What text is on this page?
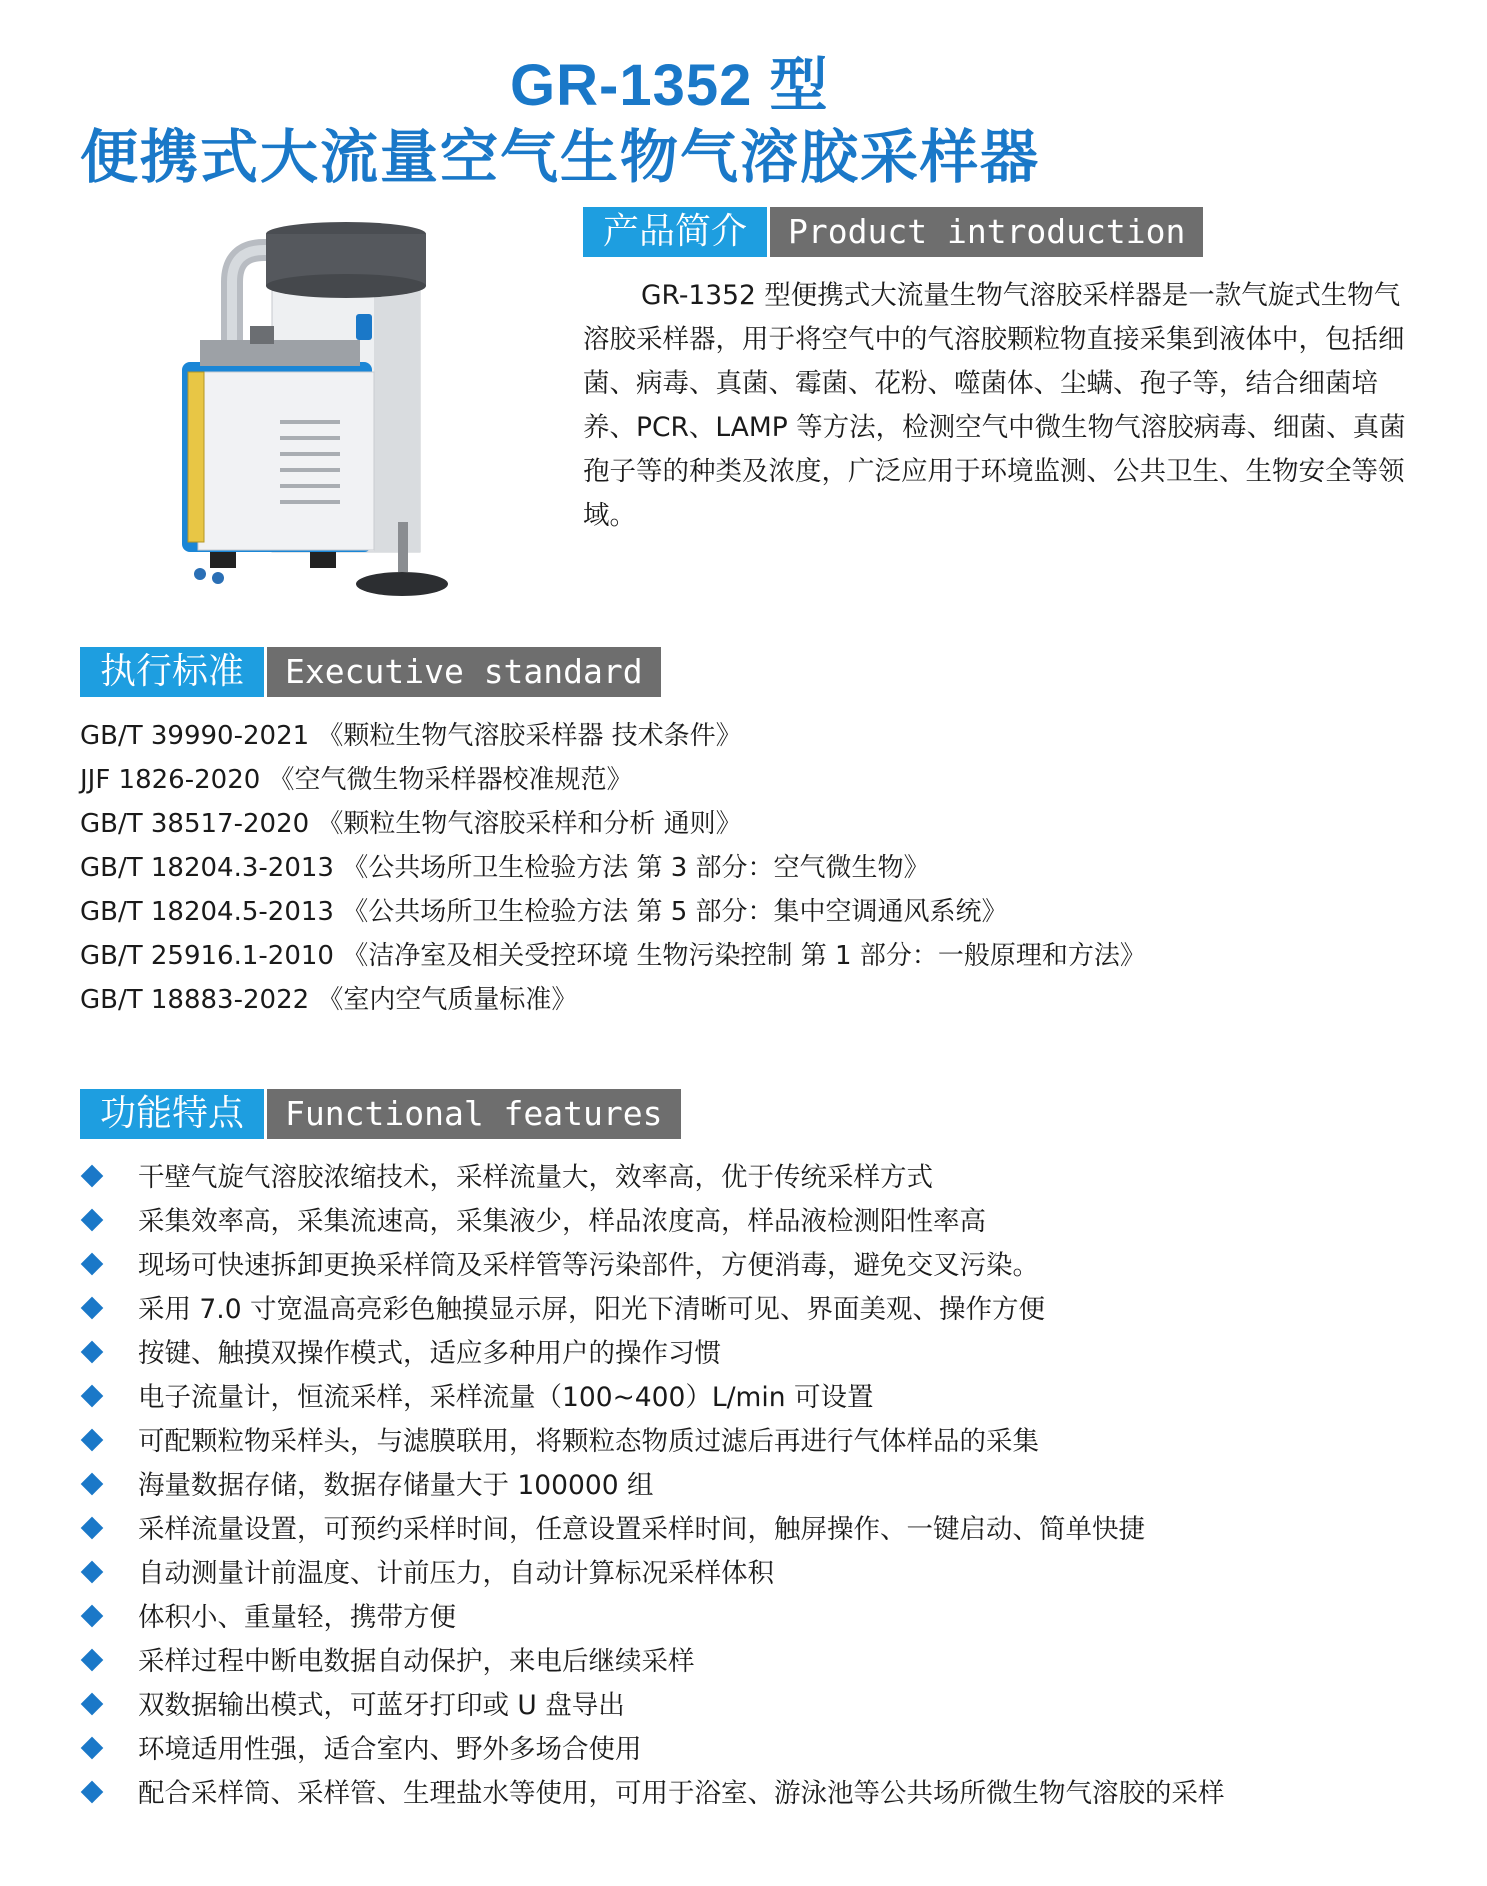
GR-1352 型
便携式大流量空气生物气溶胶采样器
产品简介	Product introduction

GR-1352 型便携式大流量生物气溶胶采样器是一款气旋式生物气溶胶采样器，用于将空气中的气溶胶颗粒物直接采集到液体中，包括细菌、病毒、真菌、霉菌、花粉、噬菌体、尘螨、孢子等，结合细菌培养、PCR、LAMP 等方法，检测空气中微生物气溶胶病毒、细菌、真菌孢子等的种类及浓度，广泛应用于环境监测、公共卫生、生物安全等领域。

执行标准	Executive standard
GB/T 39990-2021 《颗粒生物气溶胶采样器 技术条件》
JJF 1826-2020 《空气微生物采样器校准规范》
GB/T 38517-2020 《颗粒生物气溶胶采样和分析 通则》
GB/T 18204.3-2013 《公共场所卫生检验方法 第 3 部分：空气微生物》
GB/T 18204.5-2013 《公共场所卫生检验方法 第 5 部分：集中空调通风系统》
GB/T 25916.1-2010 《洁净室及相关受控环境 生物污染控制 第 1 部分：一般原理和方法》
GB/T 18883-2022 《室内空气质量标准》
功能特点	Functional features
干壁气旋气溶胶浓缩技术，采样流量大，效率高，优于传统采样方式
采集效率高，采集流速高，采集液少，样品浓度高，样品液检测阳性率高
现场可快速拆卸更换采样筒及采样管等污染部件，方便消毒，避免交叉污染。
采用 7.0 寸宽温高亮彩色触摸显示屏，阳光下清晰可见、界面美观、操作方便
按键、触摸双操作模式，适应多种用户的操作习惯
电子流量计，恒流采样，采样流量（100~400）L/min 可设置
可配颗粒物采样头，与滤膜联用，将颗粒态物质过滤后再进行气体样品的采集
海量数据存储，数据存储量大于 100000 组
采样流量设置，可预约采样时间，任意设置采样时间，触屏操作、一键启动、简单快捷
自动测量计前温度、计前压力，自动计算标况采样体积
体积小、重量轻，携带方便
采样过程中断电数据自动保护，来电后继续采样
双数据输出模式，可蓝牙打印或 U 盘导出
环境适用性强，适合室内、野外多场合使用
配合采样筒、采样管、生理盐水等使用，可用于浴室、游泳池等公共场所微生物气溶胶的采样
